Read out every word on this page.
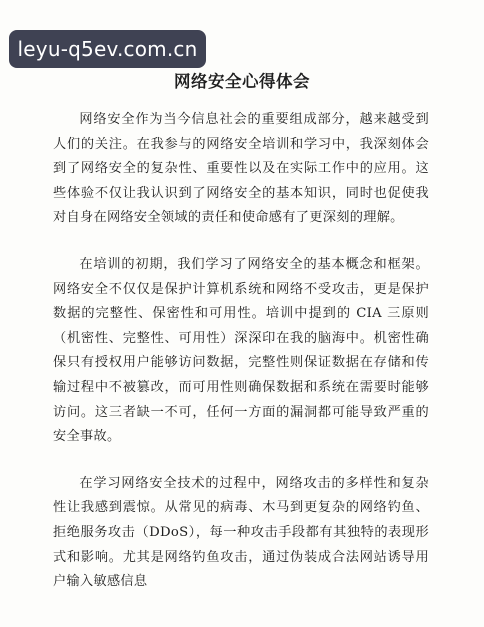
leyu-q5ev.com.cn
网络安全心得体会

网络安全作为当今信息社会的重要组成部分，越来越受到人们的关注。在我参与的网络安全培训和学习中，我深刻体会到了网络安全的复杂性、重要性以及在实际工作中的应用。这些体验不仅让我认识到了网络安全的基本知识，同时也促使我对自身在网络安全领域的责任和使命感有了更深刻的理解。

在培训的初期，我们学习了网络安全的基本概念和框架。网络安全不仅仅是保护计算机系统和网络不受攻击，更是保护数据的完整性、保密性和可用性。培训中提到的 CIA 三原则（机密性、完整性、可用性）深深印在我的脑海中。机密性确保只有授权用户能够访问数据，完整性则保证数据在存储和传输过程中不被篡改，而可用性则确保数据和系统在需要时能够访问。这三者缺一不可，任何一方面的漏洞都可能导致严重的安全事故。

在学习网络安全技术的过程中，网络攻击的多样性和复杂性让我感到震惊。从常见的病毒、木马到更复杂的网络钓鱼、拒绝服务攻击（DDoS），每一种攻击手段都有其独特的表现形式和影响。尤其是网络钓鱼攻击，通过伪装成合法网站诱导用户输入敏感信息
